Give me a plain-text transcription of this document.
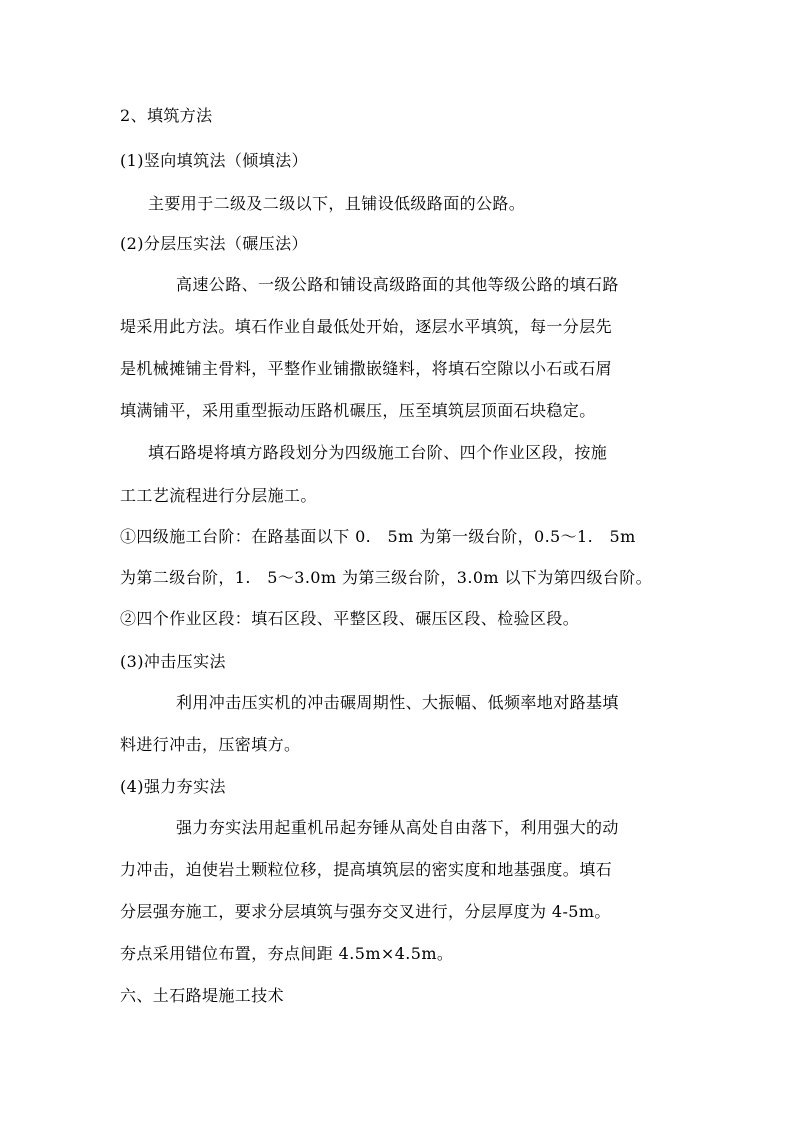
2、填筑方法
(1)竖向填筑法（倾填法）
主要用于二级及二级以下，且铺设低级路面的公路。
(2)分层压实法（碾压法）
高速公路、一级公路和铺设高级路面的其他等级公路的填石路
堤采用此方法。填石作业自最低处开始，逐层水平填筑，每一分层先
是机械摊铺主骨料，平整作业铺撒嵌缝料，将填石空隙以小石或石屑
填满铺平，采用重型振动压路机碾压，压至填筑层顶面石块稳定。
填石路堤将填方路段划分为四级施工台阶、四个作业区段，按施
工工艺流程进行分层施工。
①四级施工台阶：在路基面以下 0.　5m 为第一级台阶，0.5～1.　5m
为第二级台阶，1.　5～3.0m 为第三级台阶，3.0m 以下为第四级台阶。
②四个作业区段：填石区段、平整区段、碾压区段、检验区段。
(3)冲击压实法
利用冲击压实机的冲击碾周期性、大振幅、低频率地对路基填
料进行冲击，压密填方。
(4)强力夯实法
强力夯实法用起重机吊起夯锤从高处自由落下，利用强大的动
力冲击，迫使岩土颗粒位移，提高填筑层的密实度和地基强度。填石
分层强夯施工，要求分层填筑与强夯交叉进行，分层厚度为 4-5m。
夯点采用错位布置，夯点间距 4.5m×4.5m。
六、土石路堤施工技术
